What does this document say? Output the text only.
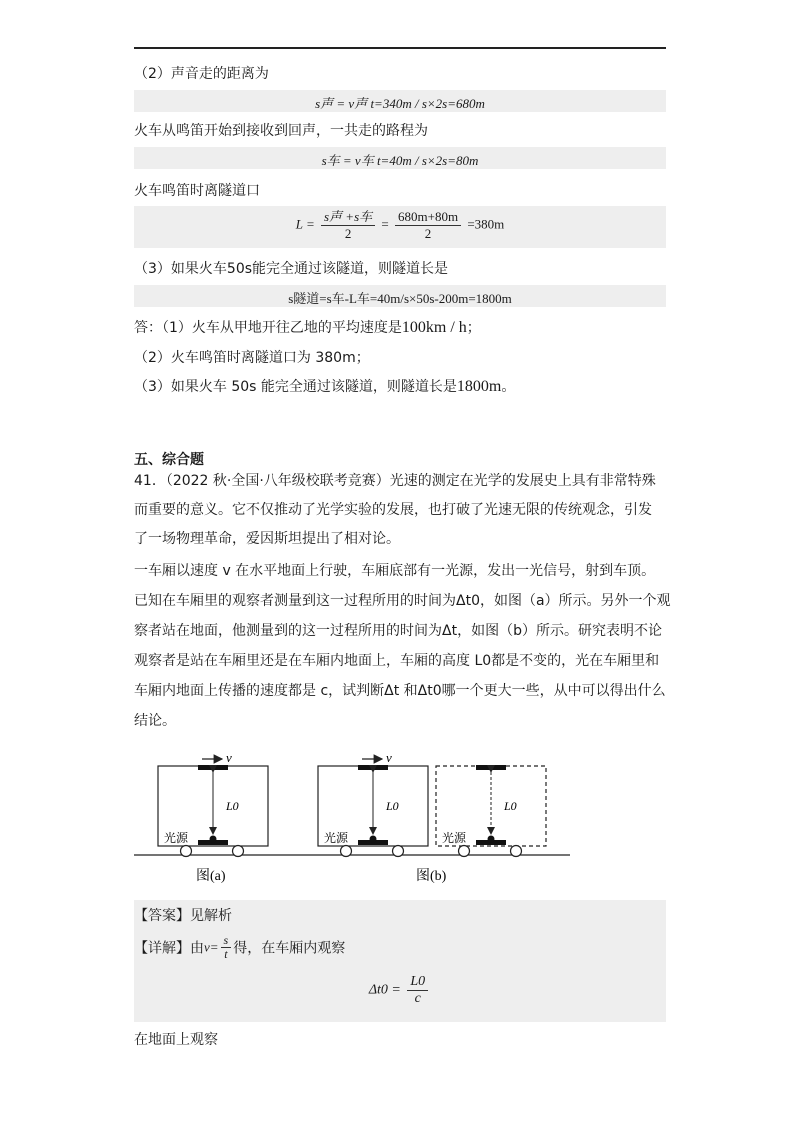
（2）声音走的距离为
s声 = v声 t=340m / s×2s=680m
火车从鸣笛开始到接收到回声，一共走的路程为
s车 = v车 t=40m / s×2s=80m
火车鸣笛时离隧道口
$L = \frac{\text{s声 +s车}}{2} = \frac{680m+80m}{2} =380m$
（3）如果火车50s能完全通过该隧道，则隧道长是
s隧道=s车-L车=40m/s×50s-200m=1800m
答：（1）火车从甲地开往乙地的平均速度是100km / h；
（2）火车鸣笛时离隧道口为 380m；
（3）如果火车 50s 能完全通过该隧道，则隧道长是1800m。
五、综合题
41．（2022 秋·全国·八年级校联考竞赛）光速的测定在光学的发展史上具有非常特殊
而重要的意义。它不仅推动了光学实验的发展，也打破了光速无限的传统观念，引发
了一场物理革命，爱因斯坦提出了相对论。
一车厢以速度 v 在水平地面上行驶，车厢底部有一光源，发出一光信号，射到车顶。
已知在车厢里的观察者测量到这一过程所用的时间为Δt0，如图（a）所示。另外一个观
察者站在地面，他测量到的这一过程所用的时间为Δt，如图（b）所示。研究表明不论
观察者是站在车厢里还是在车厢内地面上，车厢的高度 L0都是不变的，光在车厢里和
车厢内地面上传播的速度都是 c，试判断Δt 和Δt0哪一个更大一些，从中可以得出什么
结论。
v
L0
光源
图(a)
v
L0
光源
L0
光源
图(b)
【答案】见解析
【详解】由$v= \frac{s}{t}$ 得，在车厢内观察
$\Delta t0 = \frac{L0}{c}$
在地面上观察
